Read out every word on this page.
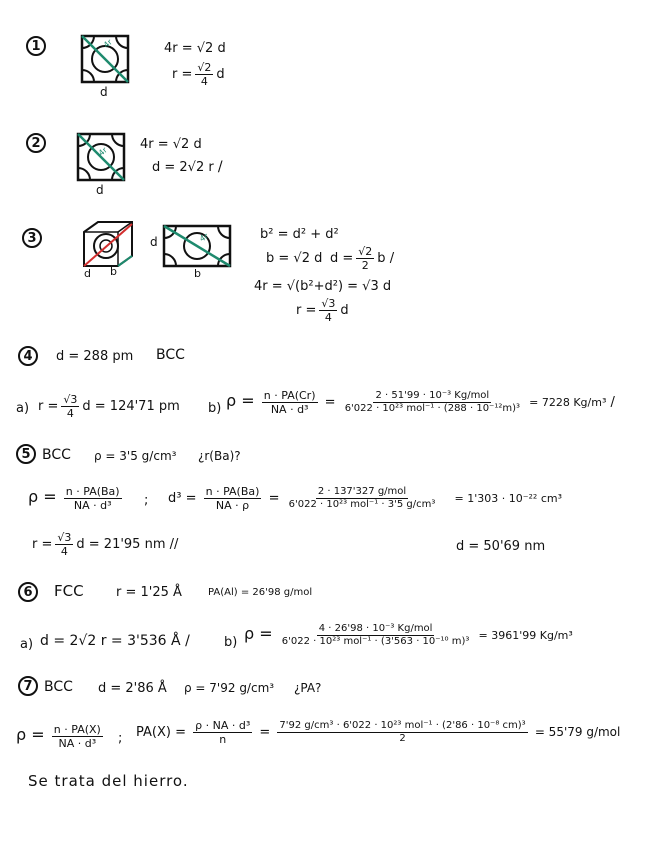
1	4r
d
4r = √2 d
$r = \frac{√2}{4}$ d
2
4r
d
4r = √2 d
d = 2√2 r /
3
d b
d	4r
b
b² = d² + d²
b = √2 d $d = \frac{√2}{2}$ b /
4r = √(b²+d²) = √3 d
$r = \frac{√3}{4}$ d
4 d = 288 pm BCC
a) $r = \frac{√3}{4}$ d = 124'71 pm b) $\rho = \frac{n \cdot PA(Cr)}{\text{NA · d³}} = \frac{\text{2 · 51'99 · 10⁻³ Kg/mol}}{\text{6'022 · 10²³ mol⁻¹ · (288 · 10⁻¹²m)³}} = 7228$ Kg/m³ /
5 BCC ρ = 3'5 g/cm³ ¿r(Ba)?
$\rho = \frac{n \cdot PA(Ba)}{\text{NA · d³}}$ ; $d^3 = \frac{n \cdot PA(Ba)}{NA \cdot \rho} = \frac{\text{2 · 137'327 g/mol}}{\text{6'022 · 10²³ mol⁻¹ · 3'5 g/cm³}} = 1'303 \cdot 10^{-22}$ cm³
$r = \frac{√3}{4}$ d = 21'95 nm //	d = 50'69 nm
6 FCC r = 1'25 Å	PA(Al) = 26'98 g/mol
a) d = 2√2 r = 3'536 Å /	b) $\rho = \frac{\text{4 · 26'98 · 10⁻³ Kg/mol}}{\text{6'022 · 10²³ mol⁻¹ · (3'563 · 10⁻¹⁰ m)³}} = 3961'99$ Kg/m³
7 BCC d = 2'86 Å ρ = 7'92 g/cm³ ¿PA?
$\rho = \frac{n \cdot PA(X)}{\text{NA · d³}}$ ; $PA(X) = \frac{\text{ρ · NA · d³}}{n} = \frac{\text{7'92 g/cm³ · 6'022 · 10²³ mol⁻¹ · (2'86 · 10⁻⁸ cm)³}}{2} = 55'79$ g/mol
Se trata del hierro.
